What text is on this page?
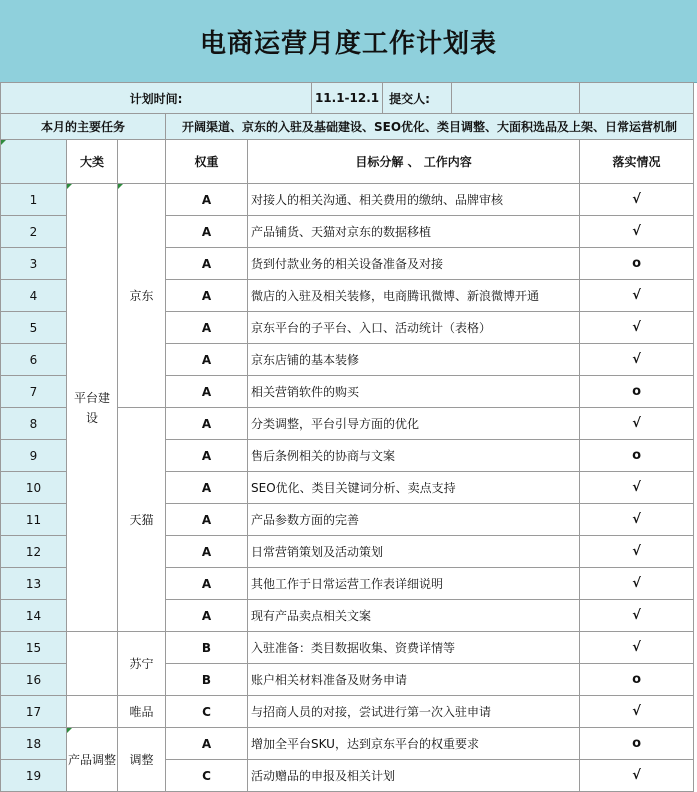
电商运营月度工作计划表
计划时间:					11.1-12.1 提交人:		

本月的主要任务			开阔渠道、京东的入驻及基础建设、SEO优化、类目调整、大面积选品及上架、日常运营机制				
	大类		权重	目标分解 、 工作内容			落实情况
1	平台建设	京东	A	对接人的相关沟通、相关费用的缴纳、品牌审核			√
2			A	产品铺货、天猫对京东的数据移植			√
3			A	货到付款业务的相关设备准备及对接			o
4			A	微店的入驻及相关装修，电商腾讯微博、新浪微博开通			√
5			A	京东平台的子平台、入口、活动统计（表格）			√
6			A	京东店铺的基本装修			√
7			A	相关营销软件的购买			o
8		天猫	A	分类调整，平台引导方面的优化			√
9			A	售后条例相关的协商与文案			o
10			A	SEO优化、类目关键词分析、卖点支持			√
11			A	产品参数方面的完善			√
12			A	日常营销策划及活动策划			√
13			A	其他工作于日常运营工作表详细说明			√
14			A	现有产品卖点相关文案			√
15		苏宁	B	入驻准备：类目数据收集、资费详情等			√
16			B	账户相关材料准备及财务申请			o
17		唯品	C	与招商人员的对接，尝试进行第一次入驻申请			√
18	产品调整	调整	A	增加全平台SKU，达到京东平台的权重要求			o
19			C	活动赠品的申报及相关计划			√
